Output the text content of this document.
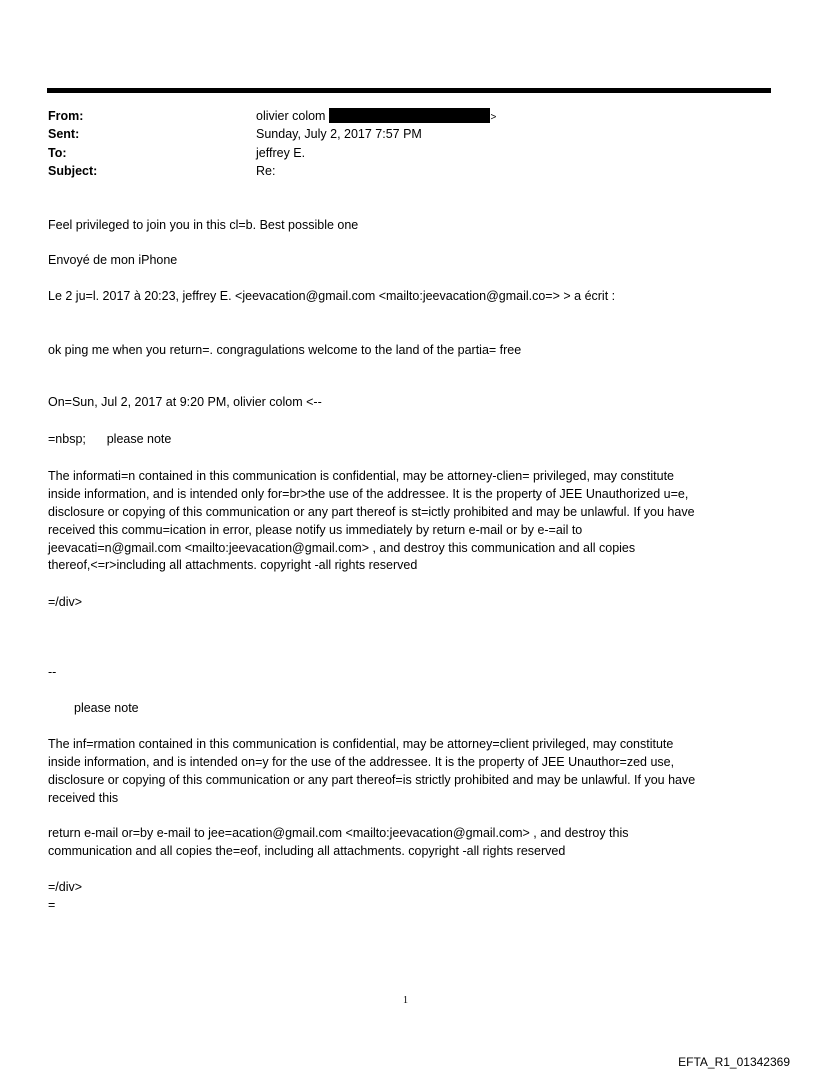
From:	olivier colom	>
Sent:	Sunday, July 2, 2017 7:57 PM
To:	jeffrey E.
Subject:	Re:
Feel privileged to join you in this cl=b. Best possible one
Envoyé de mon iPhone
Le 2 ju=l. 2017 à 20:23, jeffrey E. <jeevacation@gmail.com <mailto:jeevacation@gmail.co=> > a écrit :
ok ping me when you return=. congragulations welcome to the land of the partia= free
On=Sun, Jul 2, 2017 at 9:20 PM, olivier colom <--
=nbsp;      please note
The informati=n contained in this communication is confidential, may be attorney-clien= privileged, may constitute
inside information, and is intended only for=br>the use of the addressee. It is the property of JEE Unauthorized u=e,
disclosure or copying of this communication or any part thereof is st=ictly prohibited and may be unlawful. If you have
received this commu=ication in error, please notify us immediately by return e-mail or by e-=ail to
jeevacati=n@gmail.com <mailto:jeevacation@gmail.com> , and destroy this communication and all copies
thereof,<=r>including all attachments. copyright -all rights reserved
=/div>
--
please note
The inf=rmation contained in this communication is confidential, may be attorney=client privileged, may constitute
inside information, and is intended on=y for the use of the addressee. It is the property of JEE Unauthor=zed use,
disclosure or copying of this communication or any part thereof=is strictly prohibited and may be unlawful. If you have
received this
return e-mail or=by e-mail to jee=acation@gmail.com <mailto:jeevacation@gmail.com> , and destroy this
communication and all copies the=eof, including all attachments. copyright -all rights reserved
=/div>
=
1
EFTA_R1_01342369
